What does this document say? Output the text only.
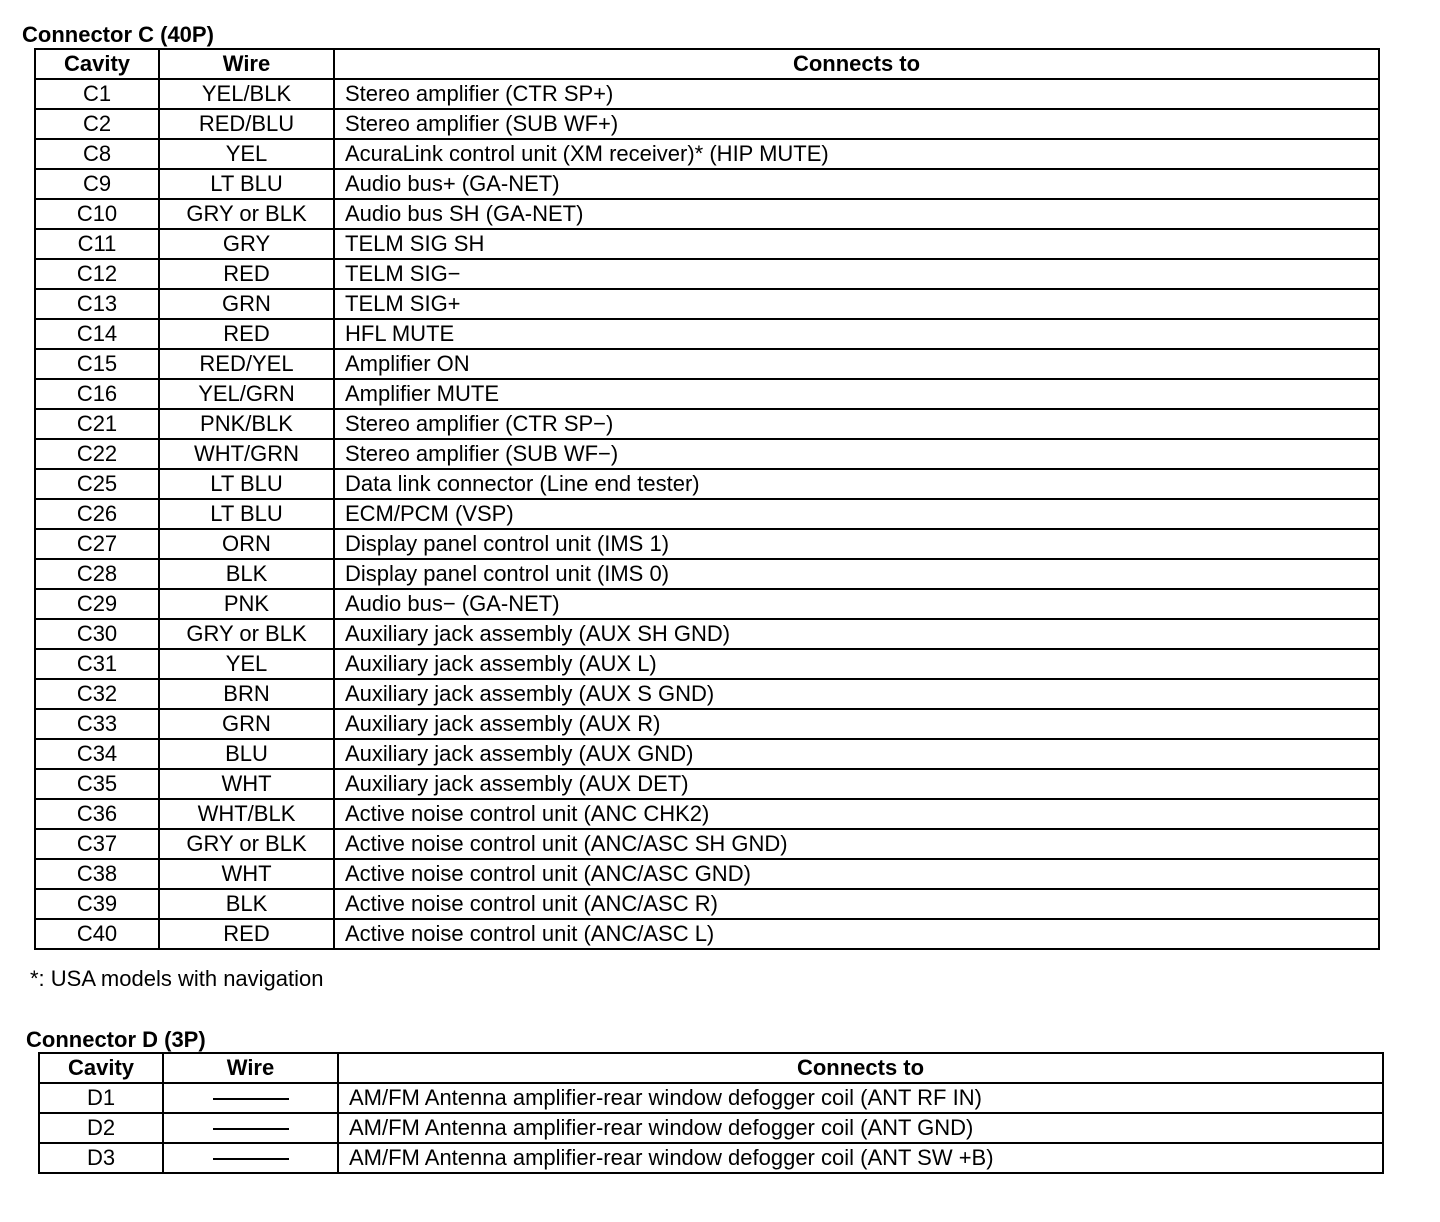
Connector C (40P)
Cavity	Wire	Connects to
C1	YEL/BLK	Stereo amplifier (CTR SP+)
C2	RED/BLU	Stereo amplifier (SUB WF+)
C8	YEL	AcuraLink control unit (XM receiver)* (HIP MUTE)
C9	LT BLU	Audio bus+ (GA-NET)
C10	GRY or BLK	Audio bus SH (GA-NET)
C11	GRY	TELM SIG SH
C12	RED	TELM SIG−
C13	GRN	TELM SIG+
C14	RED	HFL MUTE
C15	RED/YEL	Amplifier ON
C16	YEL/GRN	Amplifier MUTE
C21	PNK/BLK	Stereo amplifier (CTR SP−)
C22	WHT/GRN	Stereo amplifier (SUB WF−)
C25	LT BLU	Data link connector (Line end tester)
C26	LT BLU	ECM/PCM (VSP)
C27	ORN	Display panel control unit (IMS 1)
C28	BLK	Display panel control unit (IMS 0)
C29	PNK	Audio bus− (GA-NET)
C30	GRY or BLK	Auxiliary jack assembly (AUX SH GND)
C31	YEL	Auxiliary jack assembly (AUX L)
C32	BRN	Auxiliary jack assembly (AUX S GND)
C33	GRN	Auxiliary jack assembly (AUX R)
C34	BLU	Auxiliary jack assembly (AUX GND)
C35	WHT	Auxiliary jack assembly (AUX DET)
C36	WHT/BLK	Active noise control unit (ANC CHK2)
C37	GRY or BLK	Active noise control unit (ANC/ASC SH GND)
C38	WHT	Active noise control unit (ANC/ASC GND)
C39	BLK	Active noise control unit (ANC/ASC R)
C40	RED	Active noise control unit (ANC/ASC L)
*: USA models with navigation
Connector D (3P)
Cavity	Wire	Connects to
D1		AM/FM Antenna amplifier-rear window defogger coil (ANT RF IN)
D2		AM/FM Antenna amplifier-rear window defogger coil (ANT GND)
D3		AM/FM Antenna amplifier-rear window defogger coil (ANT SW +B)
